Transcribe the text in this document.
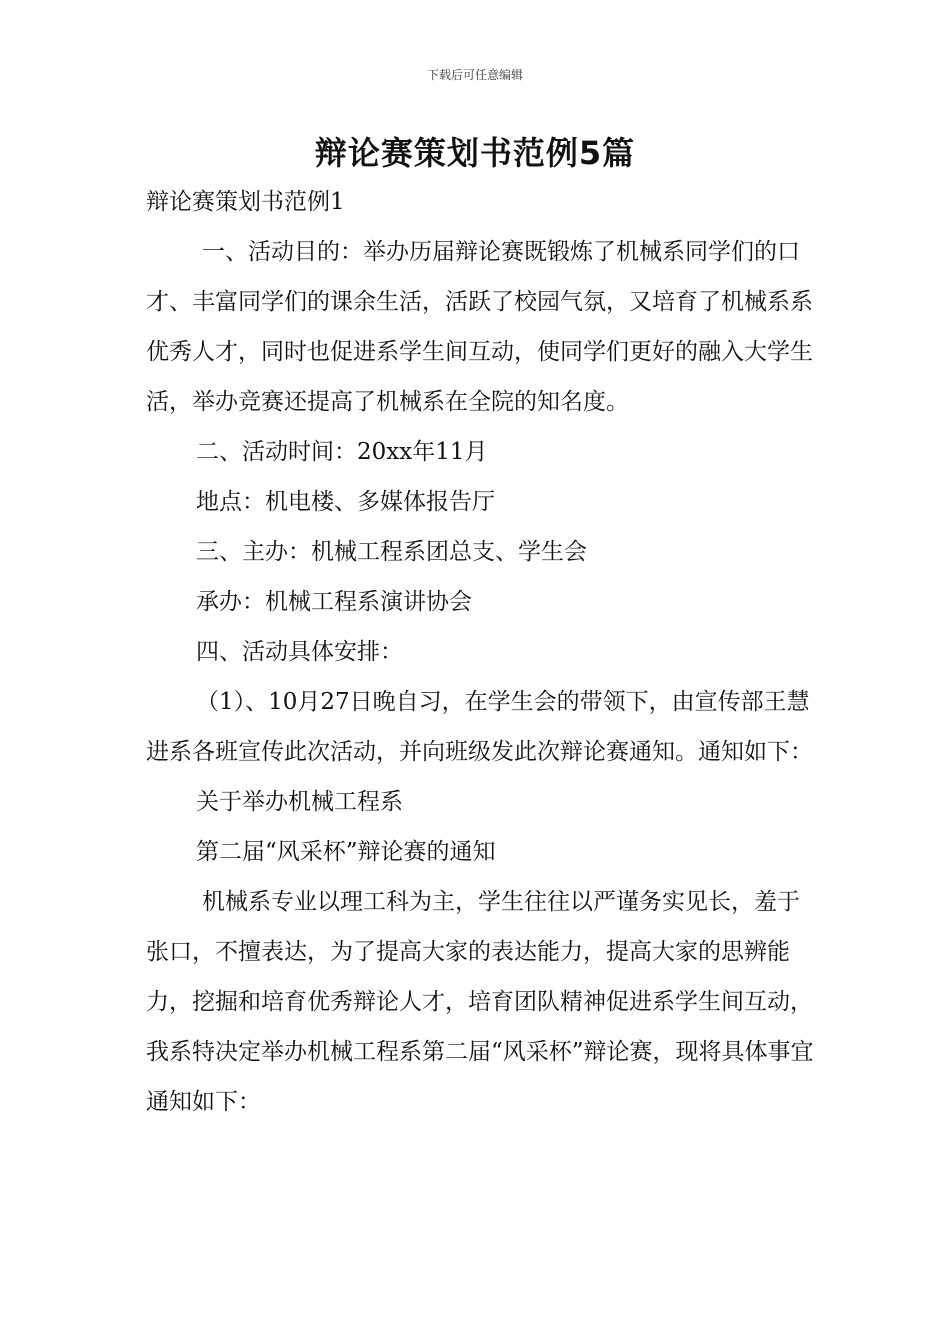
下载后可任意编辑
辩论赛策划书范例5篇

辩论赛策划书范例1

一、活动目的：举办历届辩论赛既锻炼了机械系同学们的口才、丰富同学们的课余生活，活跃了校园气氛，又培育了机械系系优秀人才，同时也促进系学生间互动，使同学们更好的融入大学生活，举办竞赛还提高了机械系在全院的知名度。

二、活动时间：20xx年11月

地点：机电楼、多媒体报告厅

三、主办：机械工程系团总支、学生会

承办：机械工程系演讲协会

四、活动具体安排：

（1）、10月27日晚自习，在学生会的带领下，由宣传部王慧进系各班宣传此次活动，并向班级发此次辩论赛通知。通知如下：

关于举办机械工程系

第二届“风采杯”辩论赛的通知

机械系专业以理工科为主，学生往往以严谨务实见长，羞于张口，不擅表达，为了提高大家的表达能力，提高大家的思辨能力，挖掘和培育优秀辩论人才，培育团队精神促进系学生间互动，我系特决定举办机械工程系第二届“风采杯”辩论赛，现将具体事宜通知如下：
